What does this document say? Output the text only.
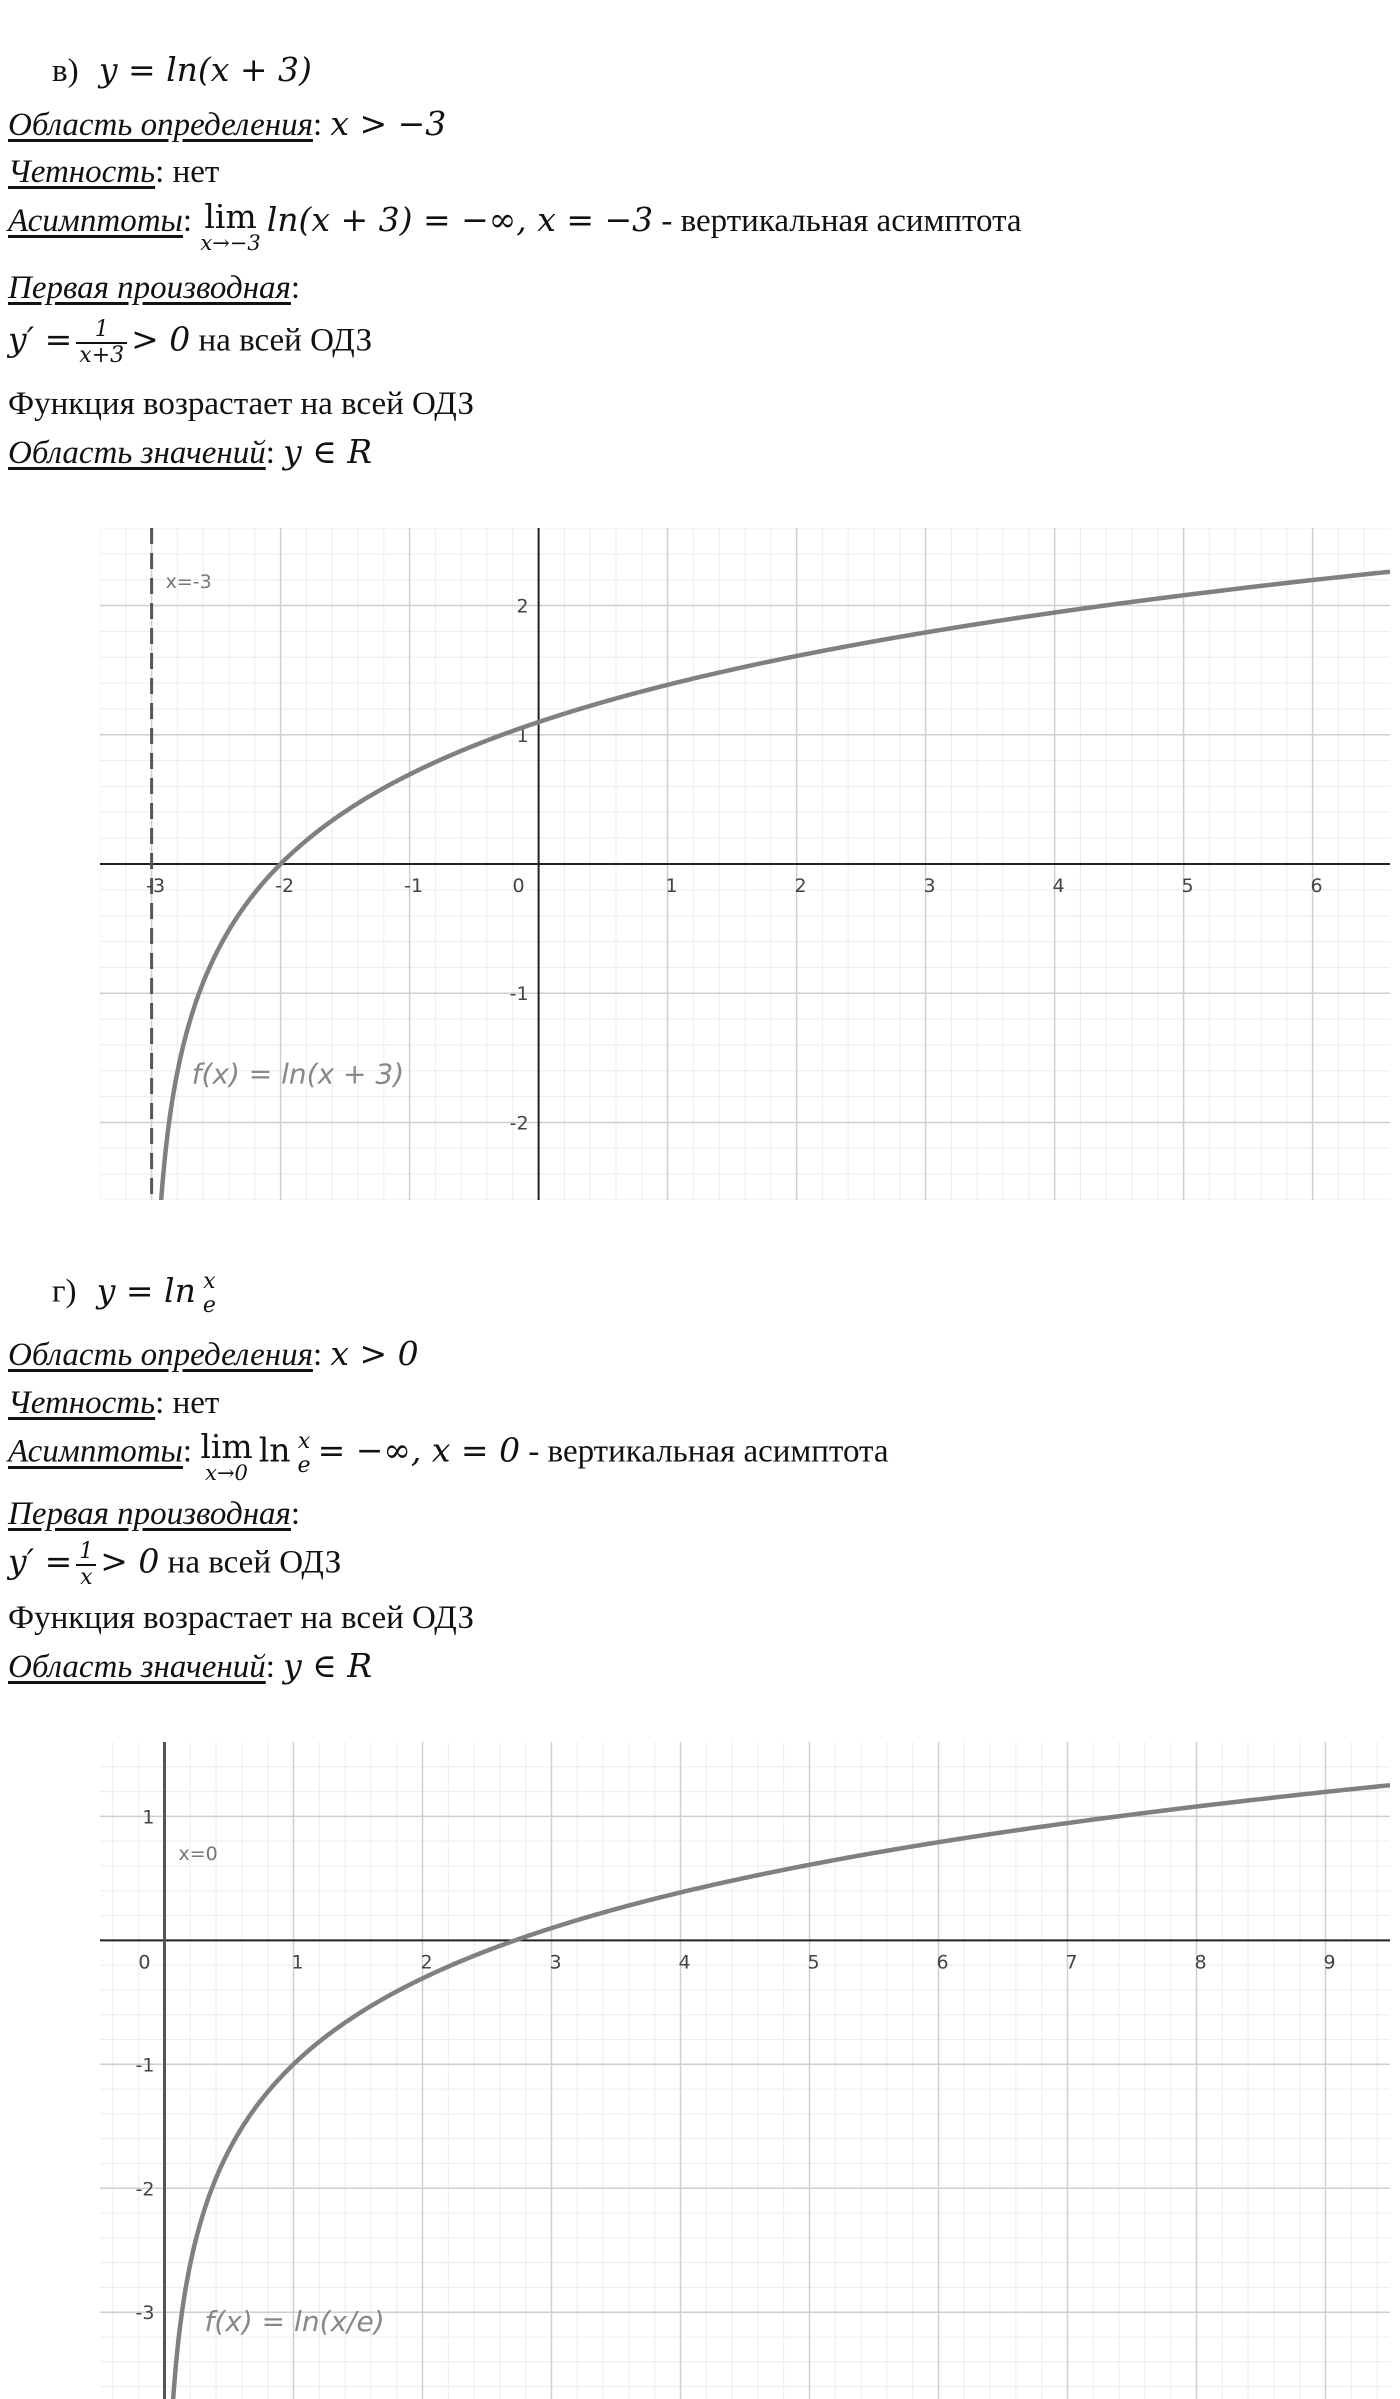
в) y = ln(x + 3)
Область определения: x > −3
Четность: нет
Асимптоты: lim
x→−3
ln(x + 3) = −∞, x = −3 - вертикальная асимптота
Первая производная:
$y' = \frac{1}{x+3} > 0$ на всей ОДЗ
Функция возрастает на всей ОДЗ
Область значений: y ∈ R
x=-3
-3	-2	-1	0	1	2	3	4	5	6
-2
-1
1
2
f(x) = ln(x + 3)
г) y = ln x
e
Область определения: x > 0
Четность: нет
Асимптоты: lim
x→0
ln x
e = −∞, x = 0 - вертикальная асимптота
Первая производная:
$y' = \frac{1}{x} > 0$ на всей ОДЗ
Функция возрастает на всей ОДЗ
Область значений: y ∈ R
x=0
0	1	2	3	4	5	6	7	8	9
-3
-2
-1
1
f(x) = ln(x/e)
